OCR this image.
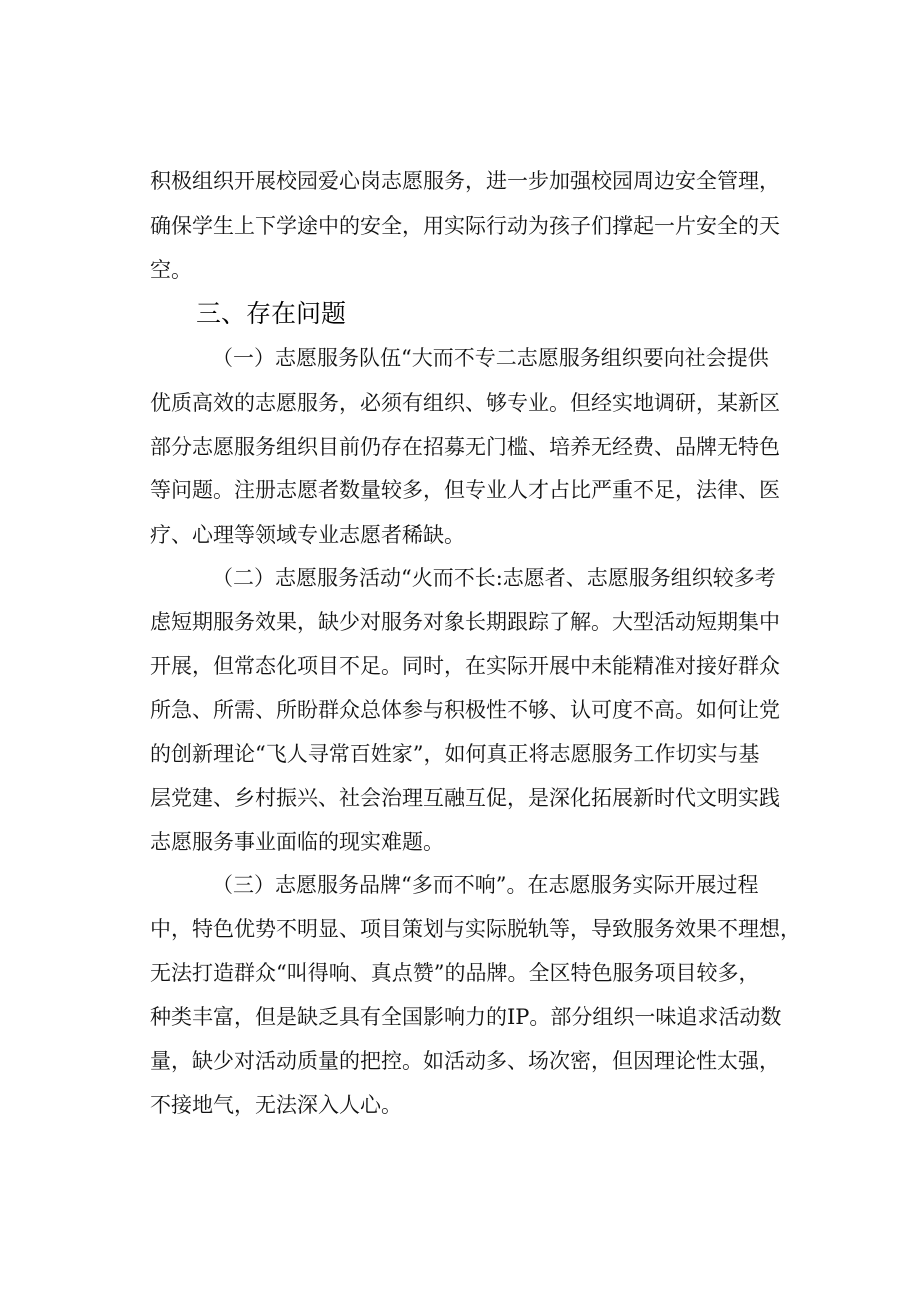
积极组织开展校园爱心岗志愿服务，进一步加强校园周边安全管理，
确保学生上下学途中的安全，用实际行动为孩子们撑起一片安全的天
空。
三、存在问题
（一）志愿服务队伍“大而不专二志愿服务组织要向社会提供
优质高效的志愿服务，必须有组织、够专业。但经实地调研，某新区
部分志愿服务组织目前仍存在招募无门槛、培养无经费、品牌无特色
等问题。注册志愿者数量较多，但专业人才占比严重不足，法律、医
疗、心理等领域专业志愿者稀缺。
（二）志愿服务活动“火而不长:志愿者、志愿服务组织较多考
虑短期服务效果，缺少对服务对象长期跟踪了解。大型活动短期集中
开展，但常态化项目不足。同时，在实际开展中未能精准对接好群众
所急、所需、所盼群众总体参与积极性不够、认可度不高。如何让党
的创新理论“飞人寻常百姓家”，如何真正将志愿服务工作切实与基
层党建、乡村振兴、社会治理互融互促，是深化拓展新时代文明实践
志愿服务事业面临的现实难题。
（三）志愿服务品牌“多而不响”。在志愿服务实际开展过程
中，特色优势不明显、项目策划与实际脱轨等，导致服务效果不理想，
无法打造群众“叫得响、真点赞”的品牌。全区特色服务项目较多，
种类丰富，但是缺乏具有全国影响力的IP。部分组织一味追求活动数
量，缺少对活动质量的把控。如活动多、场次密，但因理论性太强，
不接地气，无法深入人心。
